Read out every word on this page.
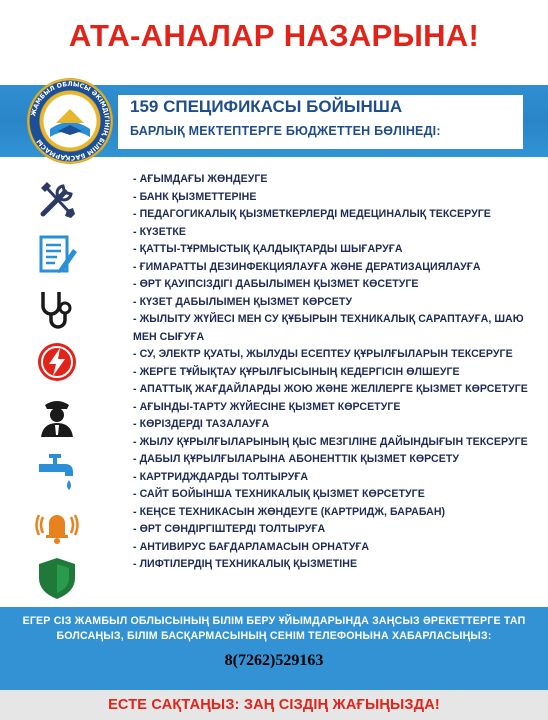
АТА-АНАЛАР НАЗАРЫНА!
159 СПЕЦИФИКАСЫ БОЙЫНША
БАРЛЫҚ МЕКТЕПТЕРГЕ БЮДЖЕТТЕН БӨЛІНЕДІ:
ЖАМБЫЛ ОБЛЫСЫ ӘКІМДІГІНІҢ БІЛІМ БАСҚАРМАСЫ
- АҒЫМДАҒЫ ЖӨНДЕУГЕ
- БАНК ҚЫЗМЕТТЕРІНЕ
- ПЕДАГОГИКАЛЫҚ ҚЫЗМЕТКЕРЛЕРДІ МЕДЕЦИНАЛЫҚ ТЕКСЕРУГЕ
- КҮЗЕТКЕ
- ҚАТТЫ-ТҰРМЫСТЫҚ ҚАЛДЫҚТАРДЫ ШЫҒАРУҒА
- ҒИМАРАТТЫ ДЕЗИНФЕКЦИЯЛАУҒА ЖӘНЕ ДЕРАТИЗАЦИЯЛАУҒА
- ӨРТ ҚАУІПСІЗДІГІ ДАБЫЛЫМЕН ҚЫЗМЕТ КӨСЕТУГЕ
- КҮЗЕТ ДАБЫЛЫМЕН ҚЫЗМЕТ КӨРСЕТУ
- ЖЫЛЫТУ ЖҮЙЕСІ МЕН СУ ҚҰБЫРЫН ТЕХНИКАЛЫҚ САРАПТАУҒА, ШАЮ МЕН СЫҒУҒА
- СУ, ЭЛЕКТР ҚУАТЫ, ЖЫЛУДЫ ЕСЕПТЕУ ҚҰРЫЛҒЫЛАРЫН ТЕКСЕРУГЕ
- ЖЕРГЕ ТҰЙЫҚТАУ ҚҰРЫЛҒЫСЫНЫҢ КЕДЕРГІСІН ӨЛШЕУГЕ
- АПАТТЫҚ ЖАҒДАЙЛАРДЫ ЖОЮ ЖӘНЕ ЖЕЛІЛЕРГЕ ҚЫЗМЕТ КӨРСЕТУГЕ
- АҒЫНДЫ-ТАРТУ ЖҮЙЕСІНЕ ҚЫЗМЕТ КӨРСЕТУГЕ
- КӨРІЗДЕРДІ ТАЗАЛАУҒА
- ЖЫЛУ ҚҰРЫЛҒЫЛАРЫНЫҢ ҚЫС МЕЗГІЛІНЕ ДАЙЫНДЫҒЫН ТЕКСЕРУГЕ
- ДАБЫЛ ҚҰРЫЛҒЫЛАРЫНА АБОНЕНТТІК ҚЫЗМЕТ КӨРСЕТУ
- КАРТРИДЖДАРДЫ ТОЛТЫРУҒА
- САЙТ БОЙЫНША ТЕХНИКАЛЫҚ ҚЫЗМЕТ КӨРСЕТУГЕ
- КЕҢСЕ ТЕХНИКАСЫН ЖӨНДЕУГЕ (КАРТРИДЖ, БАРАБАН)
- ӨРТ СӨНДІРГІШТЕРДІ ТОЛТЫРУҒА
- АНТИВИРУС БАҒДАРЛАМАСЫН ОРНАТУҒА
- ЛИФТІЛЕРДІҢ ТЕХНИКАЛЫҚ ҚЫЗМЕТІНЕ
ЕГЕР СІЗ ЖАМБЫЛ ОБЛЫСЫНЫҢ БІЛІМ БЕРУ ҰЙЫМДАРЫНДА ЗАҢСЫЗ ӘРЕКЕТТЕРГЕ ТАП
БОЛСАҢЫЗ, БІЛІМ БАСҚАРМАСЫНЫҢ СЕНІМ ТЕЛЕФОНЫНА ХАБАРЛАСЫҢЫЗ:
8(7262)529163
ЕСТЕ САҚТАҢЫЗ: ЗАҢ СІЗДІҢ ЖАҒЫҢЫЗДА!
